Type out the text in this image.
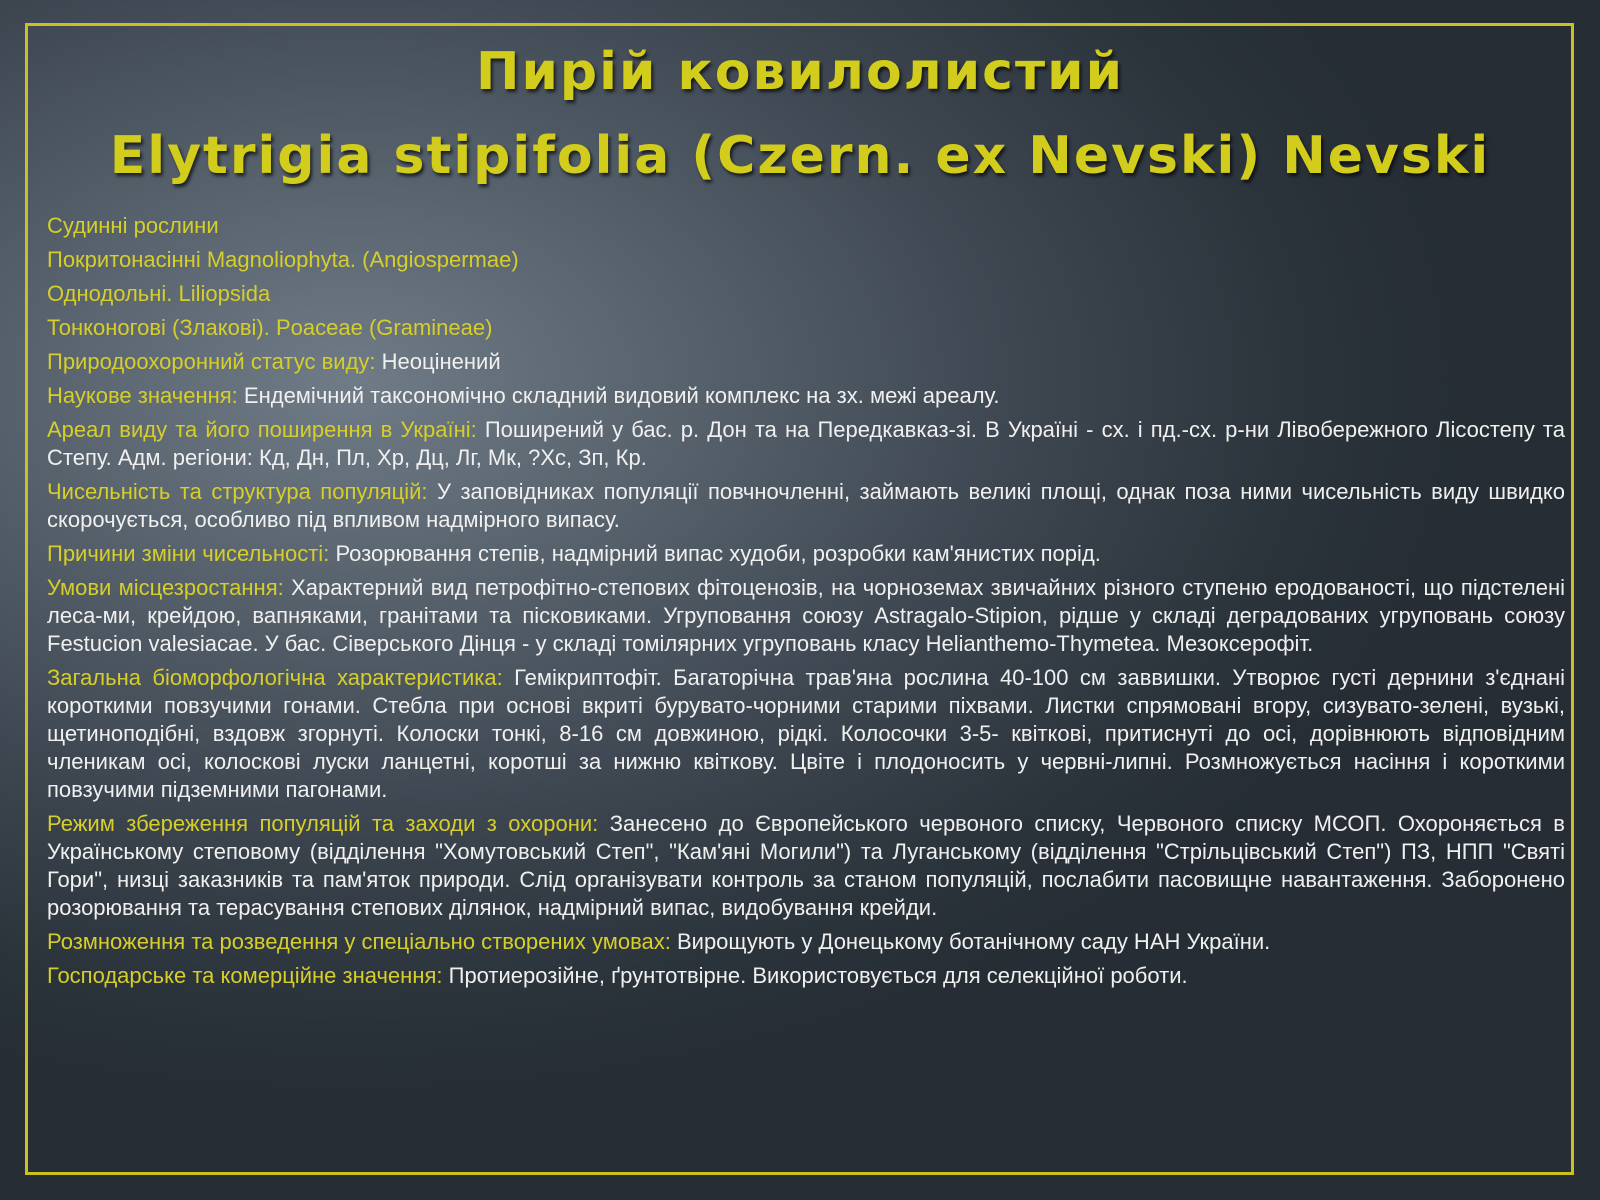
Пирій ковилолистий
Elytrigia stipifolia (Czern. ex Nevski) Nevski

Судинні рослини

Покритонасінні Magnoliophyta. (Angiospermae)

Однодольні. Liliopsida

Тонконогові (Злакові). Poaceae (Gramineae)

Природоохоронний статус виду: Неоцінений

Наукове значення: Ендемічний таксономічно складний видовий комплекс на зх. межі ареалу.

Ареал виду та його поширення в Україні: Поширений у бас. р. Дон та на Передкавказ-зі. В Україні - сх. і пд.-сх. р-ни Лівобережного Лісостепу та Степу. Адм. регіони: Кд, Дн, Пл, Хр, Дц, Лг, Мк, ?Хс, Зп, Кр.

Чисельність та структура популяцій: У заповідниках популяції повчночленні, займають великі площі, однак поза ними чисельність виду швидко скорочується, особливо під впливом надмірного випасу.

Причини зміни чисельності: Розорювання степів, надмірний випас худоби, розробки кам'янистих порід.

Умови місцезростання: Характерний вид петрофітно-степових фітоценозів, на чорноземах звичайних різного ступеню еродованості, що підстелені леса-ми, крейдою, вапняками, гранітами та пісковиками. Угруповання союзу Astragalo-Stipion, рідше у складі деградованих угруповань союзу Festucion valesiacae. У бас. Сіверського Дінця - у складі томілярних угруповань класу Helianthemo-Thymetea. Мезоксерофіт.

Загальна біоморфологічна характеристика: Гемікриптофіт. Багаторічна трав'яна рослина 40-100 см заввишки. Утворює густі дернини з'єднані короткими повзучими гонами. Стебла при основі вкриті бурувато-чорними старими піхвами. Листки спрямовані вгору, сизувато-зелені, вузькі, щетиноподібні, вздовж згорнуті. Колоски тонкі, 8-16 см довжиною, рідкі. Колосочки 3-5- квіткові, притиснуті до осі, дорівнюють відповідним членикам осі, колоскові луски ланцетні, коротші за нижню квіткову. Цвіте і плодоносить у червні-липні. Розмножується насіння і короткими повзучими підземними пагонами.

Режим збереження популяцій та заходи з охорони: Занесено до Європейського червоного списку, Червоного списку МСОП. Охороняється в Українському степовому (відділення "Хомутовський Степ", "Кам'яні Могили") та Луганському (відділення "Стрільцівський Степ") ПЗ, НПП "Святі Гори", низці заказників та пам'яток природи. Слід організувати контроль за станом популяцій, послабити пасовищне навантаження. Заборонено розорювання та терасування степових ділянок, надмірний випас, видобування крейди.

Розмноження та розведення у спеціально створених умовах: Вирощують у Донецькому ботанічному саду НАН України.

Господарське та комерційне значення: Протиерозійне, ґрунтотвірне. Використовується для селекційної роботи.
